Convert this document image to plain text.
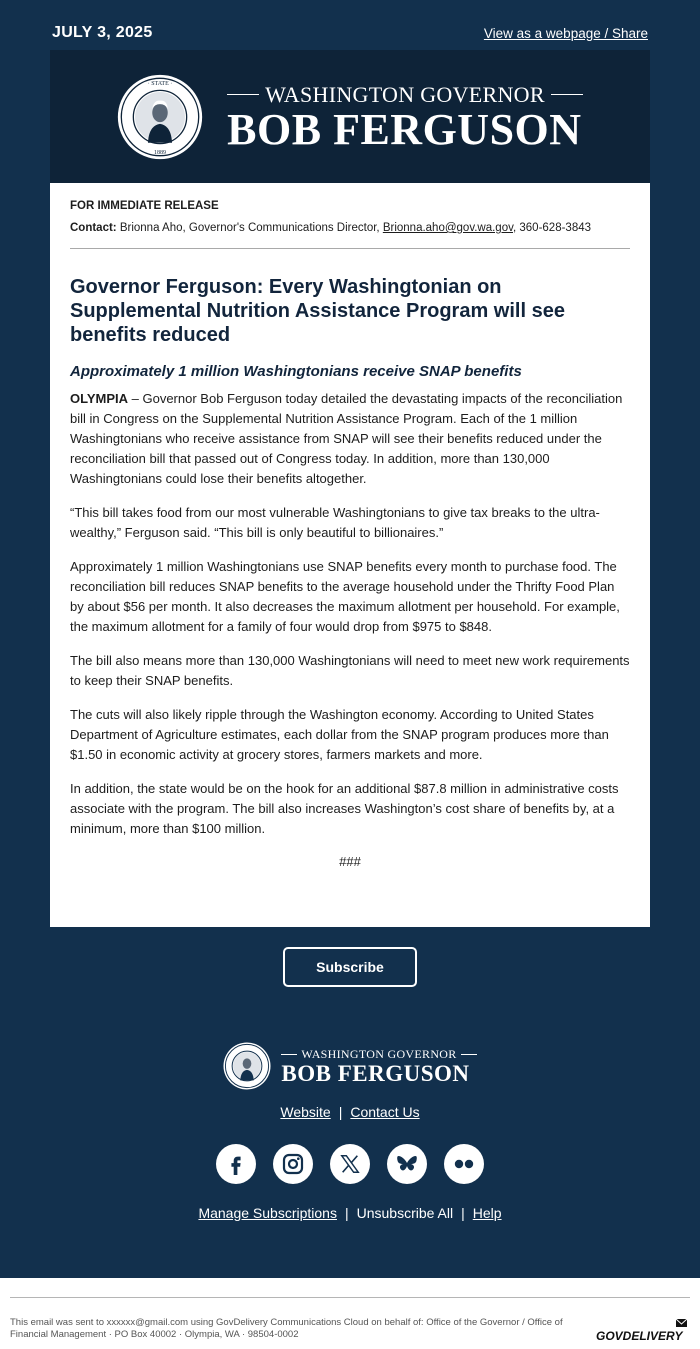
JULY 3, 2025	View as a webpage / Share
· STATE ·
1889
WASHINGTON GOVERNOR
BOB FERGUSON
FOR IMMEDIATE RELEASE
Contact: Brionna Aho, Governor's Communications Director, Brionna.aho@gov.wa.gov, 360-628-3843
Governor Ferguson: Every Washingtonian on Supplemental Nutrition Assistance Program will see benefits reduced
Approximately 1 million Washingtonians receive SNAP benefits

OLYMPIA – Governor Bob Ferguson today detailed the devastating impacts of the reconciliation bill in Congress on the Supplemental Nutrition Assistance Program. Each of the 1 million Washingtonians who receive assistance from SNAP will see their benefits reduced under the reconciliation bill that passed out of Congress today. In addition, more than 130,000 Washingtonians could lose their benefits altogether.

“This bill takes food from our most vulnerable Washingtonians to give tax breaks to the ultra-wealthy,” Ferguson said. “This bill is only beautiful to billionaires.”

Approximately 1 million Washingtonians use SNAP benefits every month to purchase food. The reconciliation bill reduces SNAP benefits to the average household under the Thrifty Food Plan by about $56 per month. It also decreases the maximum allotment per household. For example, the maximum allotment for a family of four would drop from $975 to $848.

The bill also means more than 130,000 Washingtonians will need to meet new work requirements to keep their SNAP benefits.

The cuts will also likely ripple through the Washington economy. According to United States Department of Agriculture estimates, each dollar from the SNAP program produces more than $1.50 in economic activity at grocery stores, farmers markets and more.

In addition, the state would be on the hook for an additional $87.8 million in administrative costs associate with the program. The bill also increases Washington’s cost share of benefits by, at a minimum, more than $100 million.

###
Subscribe
WASHINGTON GOVERNOR
BOB FERGUSON
Website | Contact Us
Manage Subscriptions | Unsubscribe All | Help
This email was sent to xxxxxx@gmail.com using GovDelivery Communications Cloud on behalf of: Office of the Governor / Office of Financial Management · PO Box 40002 · Olympia, WA · 98504-0002	GOVDELIVERY
